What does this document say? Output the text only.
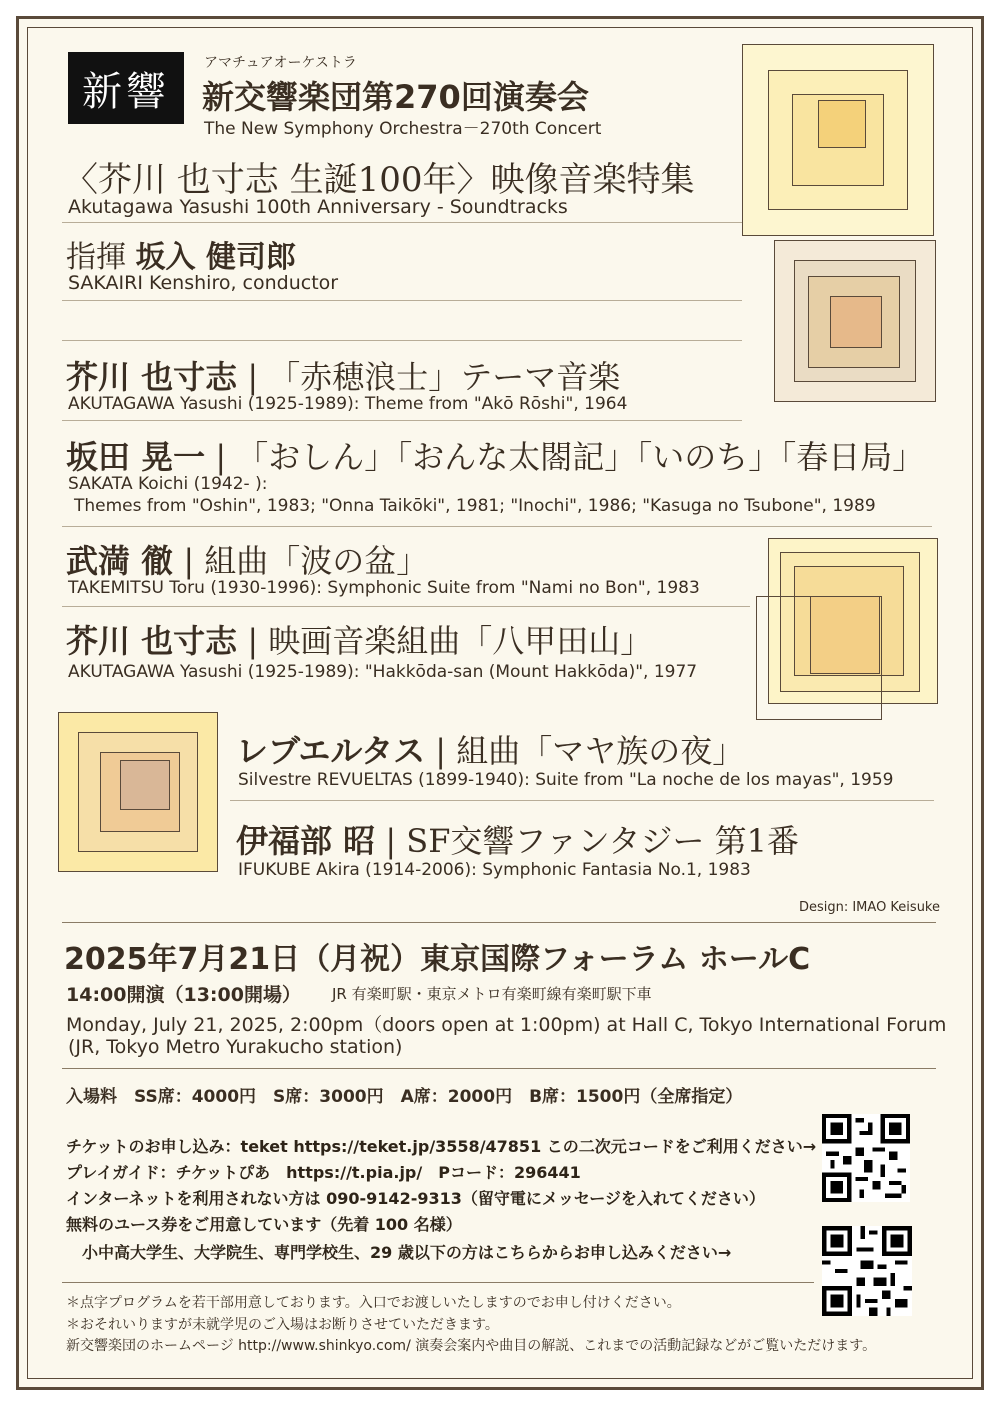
新響
アマチュアオーケストラ
新交響楽団第270回演奏会
The New Symphony Orchestra－270th Concert
〈芥川 也寸志 生誕100年〉映像音楽特集
Akutagawa Yasushi 100th Anniversary - Soundtracks
指揮 坂入 健司郎
SAKAIRI Kenshiro, conductor
芥川 也寸志 | 「赤穂浪士」テーマ音楽
AKUTAGAWA Yasushi (1925-1989): Theme from "Akō Rōshi", 1964
坂田 晃一 | 「おしん」「おんな太閤記」「いのち」「春日局」
SAKATA Koichi (1942- ):
Themes from "Oshin", 1983; "Onna Taikōki", 1981; "Inochi", 1986; "Kasuga no Tsubone", 1989
武満 徹 | 組曲「波の盆」
TAKEMITSU Toru (1930-1996): Symphonic Suite from "Nami no Bon", 1983
芥川 也寸志 | 映画音楽組曲「八甲田山」
AKUTAGAWA Yasushi (1925-1989): "Hakkōda-san (Mount Hakkōda)", 1977
レブエルタス | 組曲「マヤ族の夜」
Silvestre REVUELTAS (1899-1940): Suite from "La noche de los mayas", 1959
伊福部 昭 | SF交響ファンタジー 第1番
IFUKUBE Akira (1914-2006): Symphonic Fantasia No.1, 1983
Design: IMAO Keisuke
2025年7月21日（月祝）東京国際フォーラム ホールC
14:00開演（13:00開場） JR 有楽町駅・東京メトロ有楽町線有楽町駅下車
Monday, July 21, 2025, 2:00pm（doors open at 1:00pm) at Hall C, Tokyo International Forum
(JR, Tokyo Metro Yurakucho station)
入場料　SS席：4000円　S席：3000円　A席：2000円　B席：1500円（全席指定）
チケットのお申し込み：teket https://teket.jp/3558/47851 この二次元コードをご利用ください→
プレイガイド：チケットぴあ　https://t.pia.jp/　Pコード：296441
インターネットを利用されない方は 090-9142-9313（留守電にメッセージを入れてください）
無料のユース券をご用意しています（先着 100 名様）
　小中高大学生、大学院生、専門学校生、29 歳以下の方はこちらからお申し込みください→
＊点字プログラムを若干部用意しております。入口でお渡しいたしますのでお申し付けください。
＊おそれいりますが未就学児のご入場はお断りさせていただきます。
新交響楽団のホームページ http://www.shinkyo.com/ 演奏会案内や曲目の解説、これまでの活動記録などがご覧いただけます。
